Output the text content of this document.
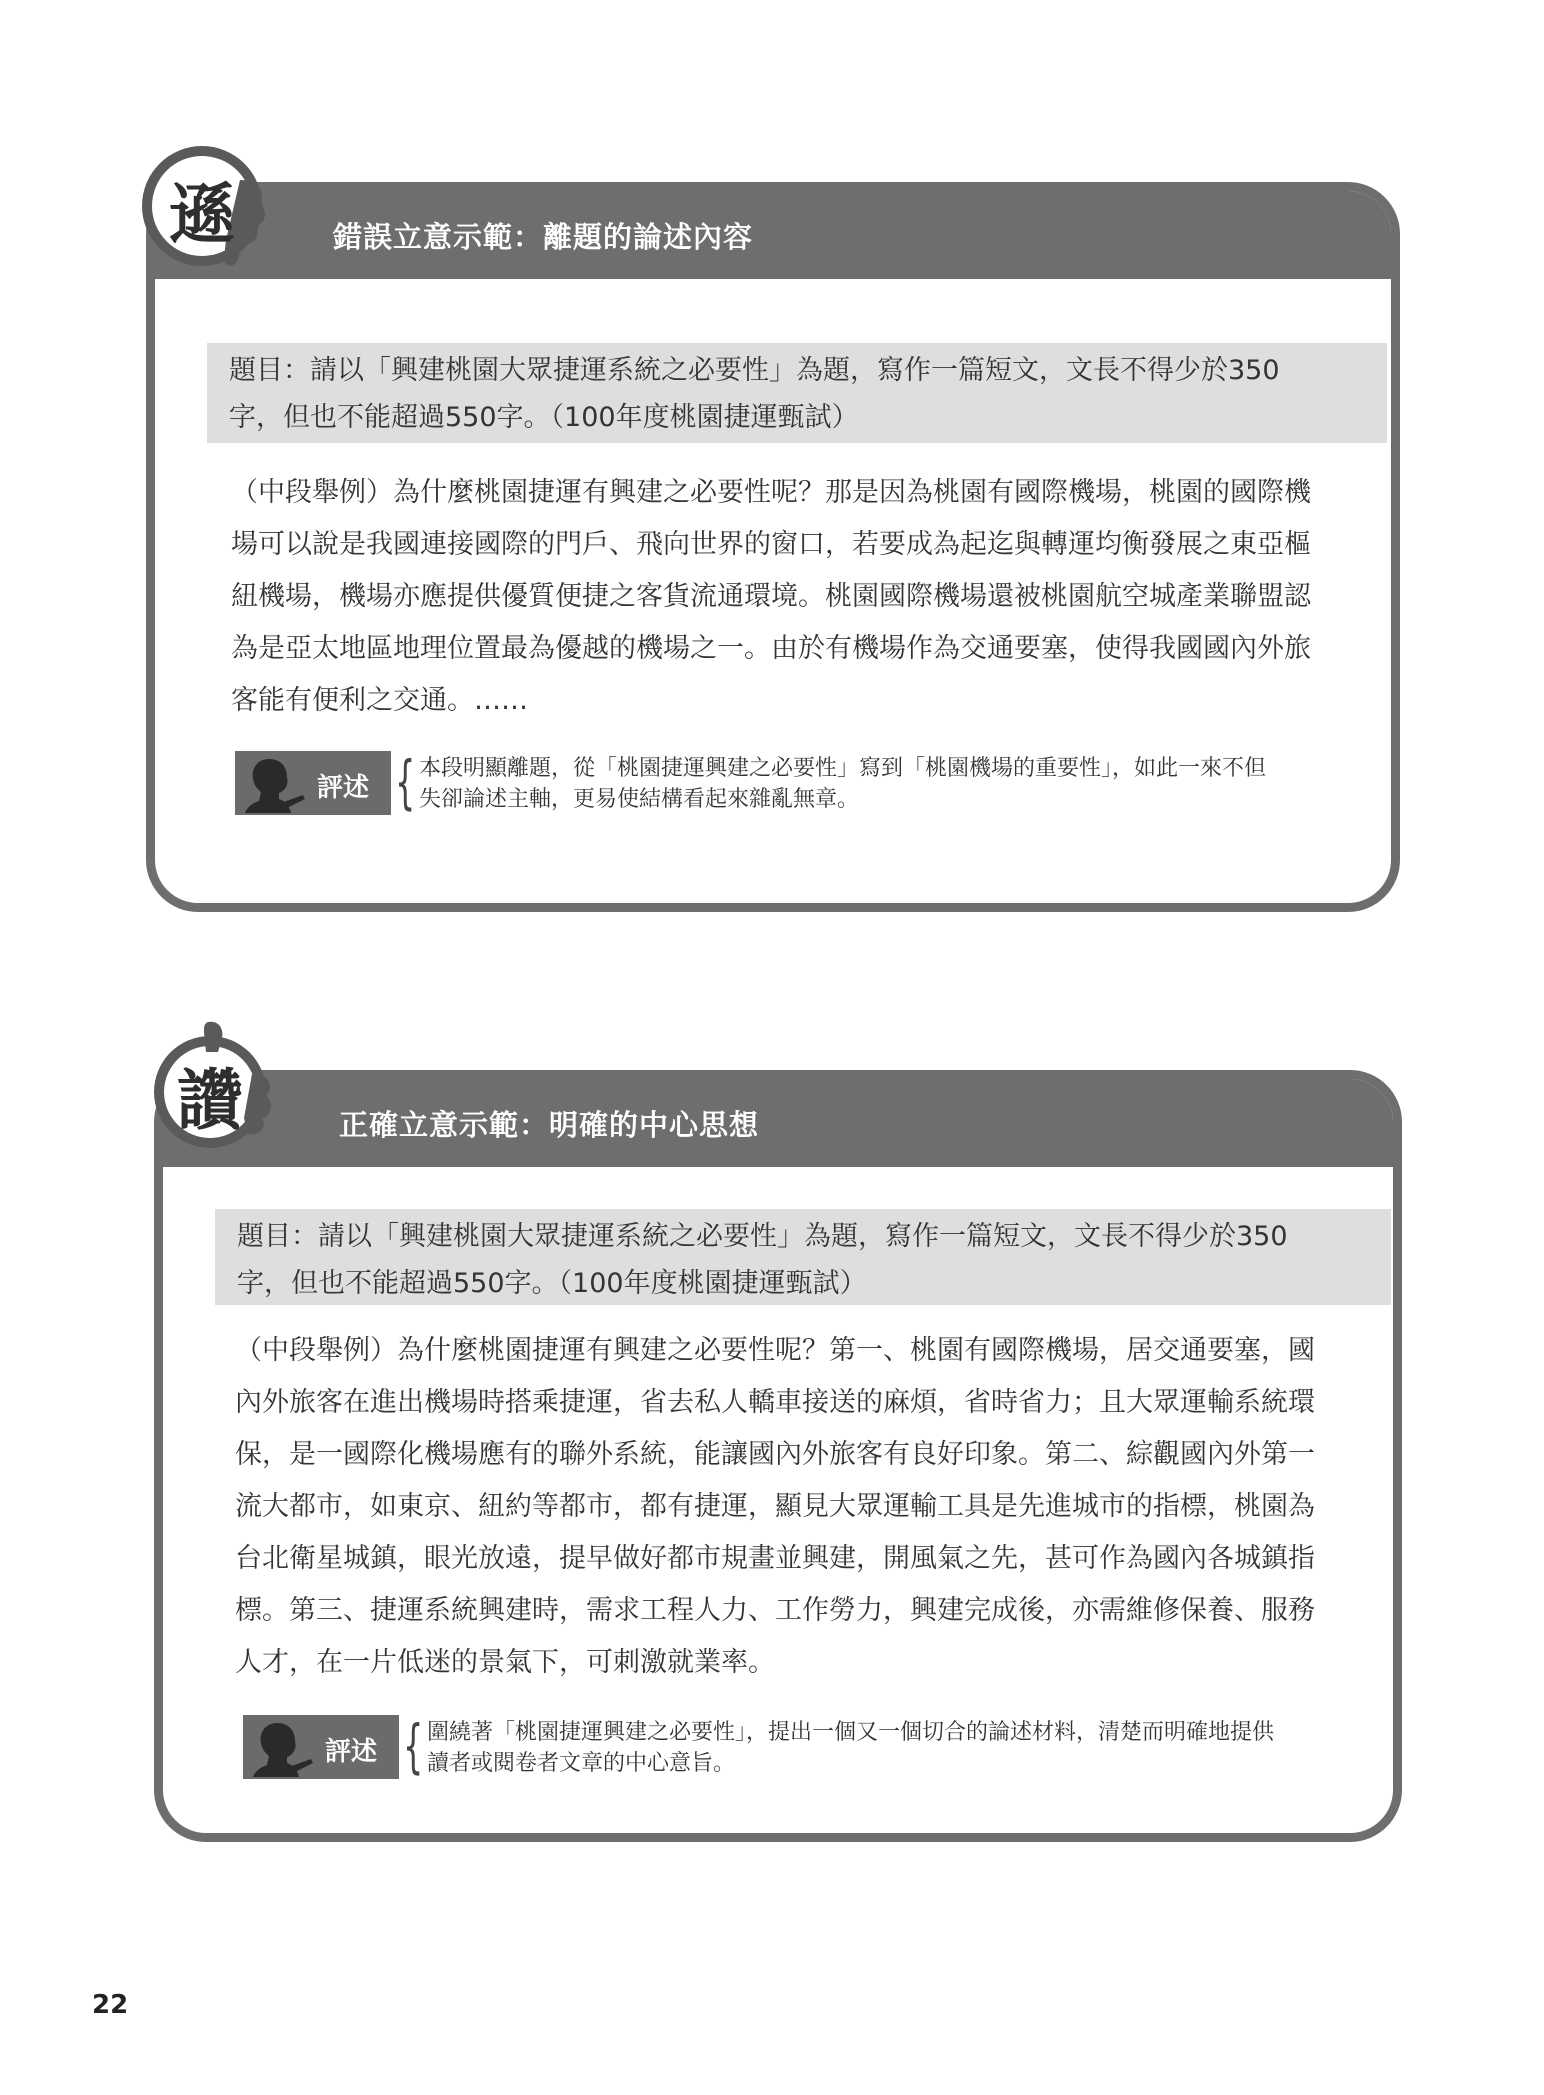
錯誤立意示範：離題的論述內容
題目：請以「興建桃園大眾捷運系統之必要性」為題，寫作一篇短文，文長不得少於350
字，但也不能超過550字。（100年度桃園捷運甄試）
（中段舉例）為什麼桃園捷運有興建之必要性呢？那是因為桃園有國際機場，桃園的國際機
場可以說是我國連接國際的門戶、飛向世界的窗口，若要成為起迄與轉運均衡發展之東亞樞
紐機場，機場亦應提供優質便捷之客貨流通環境。桃園國際機場還被桃園航空城產業聯盟認
為是亞太地區地理位置最為優越的機場之一。由於有機場作為交通要塞，使得我國國內外旅
客能有便利之交通。……
評述 { 本段明顯離題，從「桃園捷運興建之必要性」寫到「桃園機場的重要性」，如此一來不但
失卻論述主軸，更易使結構看起來雜亂無章。
遜
正確立意示範：明確的中心思想
題目：請以「興建桃園大眾捷運系統之必要性」為題，寫作一篇短文，文長不得少於350
字，但也不能超過550字。（100年度桃園捷運甄試）
（中段舉例）為什麼桃園捷運有興建之必要性呢？第一、桃園有國際機場，居交通要塞，國
內外旅客在進出機場時搭乘捷運，省去私人轎車接送的麻煩，省時省力；且大眾運輸系統環
保，是一國際化機場應有的聯外系統，能讓國內外旅客有良好印象。第二、綜觀國內外第一
流大都市，如東京、紐約等都市，都有捷運，顯見大眾運輸工具是先進城市的指標，桃園為
台北衛星城鎮，眼光放遠，提早做好都市規畫並興建，開風氣之先，甚可作為國內各城鎮指
標。第三、捷運系統興建時，需求工程人力、工作勞力，興建完成後，亦需維修保養、服務
人才，在一片低迷的景氣下，可刺激就業率。
評述 { 圍繞著「桃園捷運興建之必要性」，提出一個又一個切合的論述材料，清楚而明確地提供
讀者或閱卷者文章的中心意旨。
讚
22
